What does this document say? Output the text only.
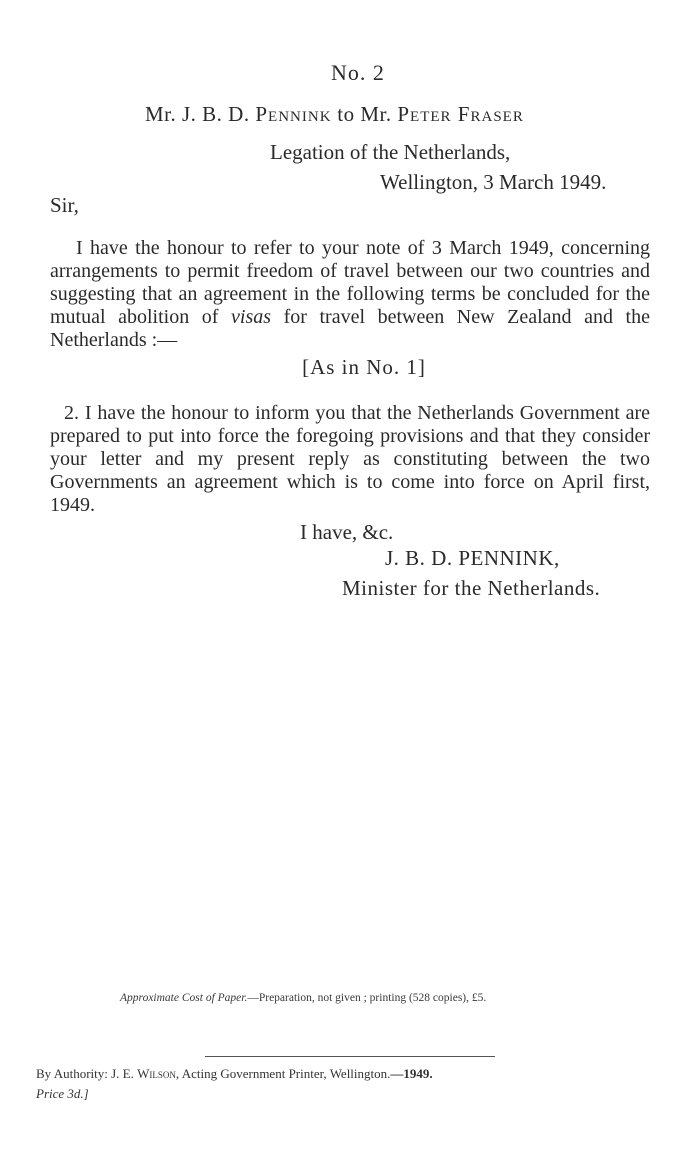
No. 2
Mr. J. B. D. Pennink to Mr. Peter Fraser
Legation of the Netherlands,
Wellington, 3 March 1949.
Sir,
I have the honour to refer to your note of 3 March 1949, concerning arrangements to permit freedom of travel between our two countries and suggesting that an agreement in the following terms be concluded for the mutual abolition of visas for travel between New Zealand and the Netherlands :—
[As in No. 1]
2. I have the honour to inform you that the Netherlands Government are prepared to put into force the foregoing provisions and that they consider your letter and my present reply as constituting between the two Governments an agreement which is to come into force on April first, 1949.
I have, &c.
J. B. D. PENNINK,
Minister for the Netherlands.
Approximate Cost of Paper.—Preparation, not given ; printing (528 copies), £5.
By Authority: J. E. Wilson, Acting Government Printer, Wellington.—1949.
Price 3d.]
